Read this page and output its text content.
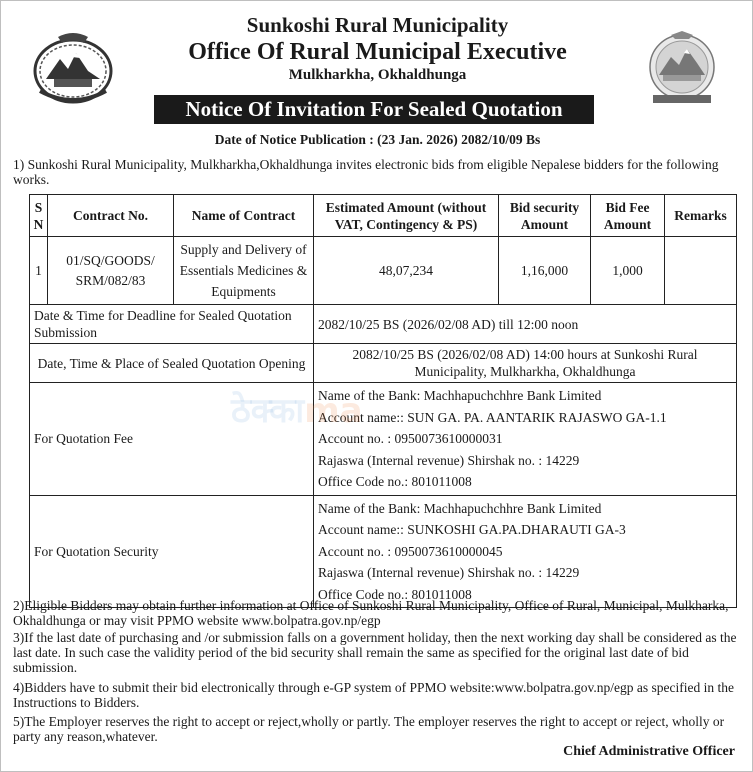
Sunkoshi Rural Municipality
Office Of Rural Municipal Executive
Mulkharkha, Okhaldhunga
Notice Of Invitation For Sealed Quotation
Date of Notice Publication : (23 Jan. 2026) 2082/10/09 Bs
1) Sunkoshi Rural Municipality, Mulkharkha,Okhaldhunga invites electronic bids from eligible Nepalese bidders for the following works.
S N	Contract No.	Name of Contract	Estimated Amount (without VAT, Contingency & PS)	Bid security Amount	Bid Fee Amount	Remarks
1	01/SQ/GOODS/ SRM/082/83	Supply and Delivery of Essentials Medicines & Equipments	48,07,234	1,16,000	1,000	
Date & Time for Deadline for Sealed Quotation Submission			2082/10/25 BS (2026/02/08 AD) till 12:00 noon			
Date, Time & Place of Sealed Quotation Opening			2082/10/25 BS (2026/02/08 AD) 14:00 hours at Sunkoshi Rural Municipality, Mulkharkha, Okhaldhunga			
For Quotation Fee			Name of the Bank: Machhapuchchhre Bank Limited
Account name:: SUN GA. PA. AANTARIK RAJASWO GA-1.1
Account no. : 0950073610000031
Rajaswa (Internal revenue) Shirshak no. : 14229
Office Code no.: 801011008			

For Quotation Security			Name of the Bank: Machhapuchchhre Bank Limited
Account name:: SUNKOSHI GA.PA.DHARAUTI GA-3
Account no. : 0950073610000045
Rajaswa (Internal revenue) Shirshak no. : 14229
Office Code no.: 801011008			
ठेक्काma
2)Eligible Bidders may obtain further information at Office of Sunkoshi Rural Municipality, Office of Rural, Municipal, Mulkharka, Okhaldhunga or may visit PPMO website www.bolpatra.gov.np/egp
3)If the last date of purchasing and /or submission falls on a government holiday, then the next working day shall be considered as the last date. In such case the validity period of the bid security shall remain the same as specified for the original last date of bid submission.
4)Bidders have to submit their bid electronically through e-GP system of PPMO website:www.bolpatra.gov.np/egp as specified in the Instructions to Bidders.
5)The Employer reserves the right to accept or reject,wholly or partly. The employer reserves the right to accept or reject, wholly or party any reason,whatever.
Chief Administrative Officer
